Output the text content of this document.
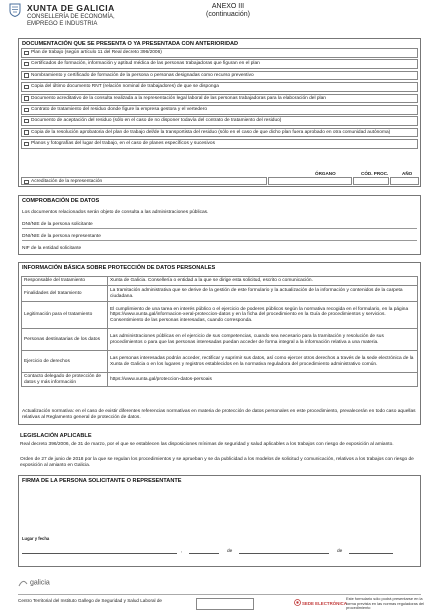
XUNTA DE GALICIA
CONSELLERÍA DE ECONOMÍA,
EMPREGO E INDUSTRIA
ANEXO III
(continuación)
DOCUMENTACIÓN QUE SE PRESENTA O YA PRESENTADA CON ANTERIORIDAD
Plan de trabajo (según artículo 11 del Real decreto 396/2006)
Certificados de formación, información y aptitud médica de las personas trabajadoras que figuran en el plan
Nombramiento y certificado de formación de la persona o personas designadas como recurso preventivo
Copia del último documento RNT (relación nominal de trabajadores) de que se disponga
Documento acreditativo de la consulta realizada a la representación legal laboral de las personas trabajadoras para la elaboración del plan
Contrato de tratamiento del residuo donde figure la empresa gestora y el vertedero
Documento de aceptación del residuo (sólo en el caso de no disponer todavía del contrato de tratamiento del residuo)
Copia de la resolución aprobatoria del plan de trabajo del/de la transportista del residuo (sólo en el caso de que dicho plan fuera aprobado en otra comunidad autónoma)
Planos y fotografías del lugar del trabajo, en el caso de planes específicos y sucesivos
ÓRGANO	CÓD. PROC.	AÑO
Acreditación de la representación
COMPROBACIÓN DE DATOS
Los documentos relacionados serán objeto de consulta a las administraciones públicas.
DNI/NIE de la persona solicitante
DNI/NIE de la persona representante
NIF de la entidad solicitante
INFORMACIÓN BÁSICA SOBRE PROTECCIÓN DE DATOS PERSONALES
Responsable del tratamiento	Xunta de Galicia. Consellería o entidad a la que se dirige esta solicitud, escrito o comunicación.
Finalidades del tratamiento	La tramitación administrativa que se derive de la gestión de este formulario y la actualización de la información y contenidos de la carpeta ciudadana.
Legitimación para el tratamiento	El cumplimiento de una tarea en interés público o el ejercicio de poderes públicos según la normativa recogida en el formulario, en la página https://www.xunta.gal/informacion-xeral-proteccion-datos y en la ficha del procedimiento en la Guía de procedimientos y servicios. Consentimiento de las personas interesadas, cuando corresponda.
Personas destinatarias de los datos	Las administraciones públicas en el ejercicio de sus competencias, cuando sea necesario para la tramitación y resolución de sus procedimientos o para que las personas interesadas puedan acceder de forma integral a la información relativa a una materia.
Ejercicio de derechos	Las personas interesadas podrán acceder, rectificar y suprimir sus datos, así como ejercer otros derechos a través de la sede electrónica de la Xunta de Galicia o en los lugares y registros establecidos en la normativa reguladora del procedimiento administrativo común.
Contacto delegado de protección de datos y más información	https://www.xunta.gal/proteccion-datos-persoais
Actualización normativa: en el caso de existir diferentes referencias normativas en materia de protección de datos personales en este procedimiento, prevalecerán en todo caso aquellas relativas al Reglamento general de protección de datos.
LEGISLACIÓN APLICABLE
Real decreto 396/2006, de 31 de marzo, por el que se establecen las disposiciones mínimas de seguridad y salud aplicables a los trabajos con riesgo de exposición al amianto.
Orden de 27 de junio de 2018 por la que se regulan los procedimientos y se aprueban y se da publicidad a los modelos de solicitud y comunicación, relativos a los trabajos con riesgo de exposición al amianto en Galicia.
FIRMA DE LA PERSONA SOLICITANTE O REPRESENTANTE
Lugar y fecha
,	de	de
galicia
Centro Territorial del Instituto Gallego de Seguridad y Salud Laboral de
SEDE ELECTRÓNICA
Este formulario sólo podrá presentarse en la forma prevista en las normas reguladoras del procedimiento
